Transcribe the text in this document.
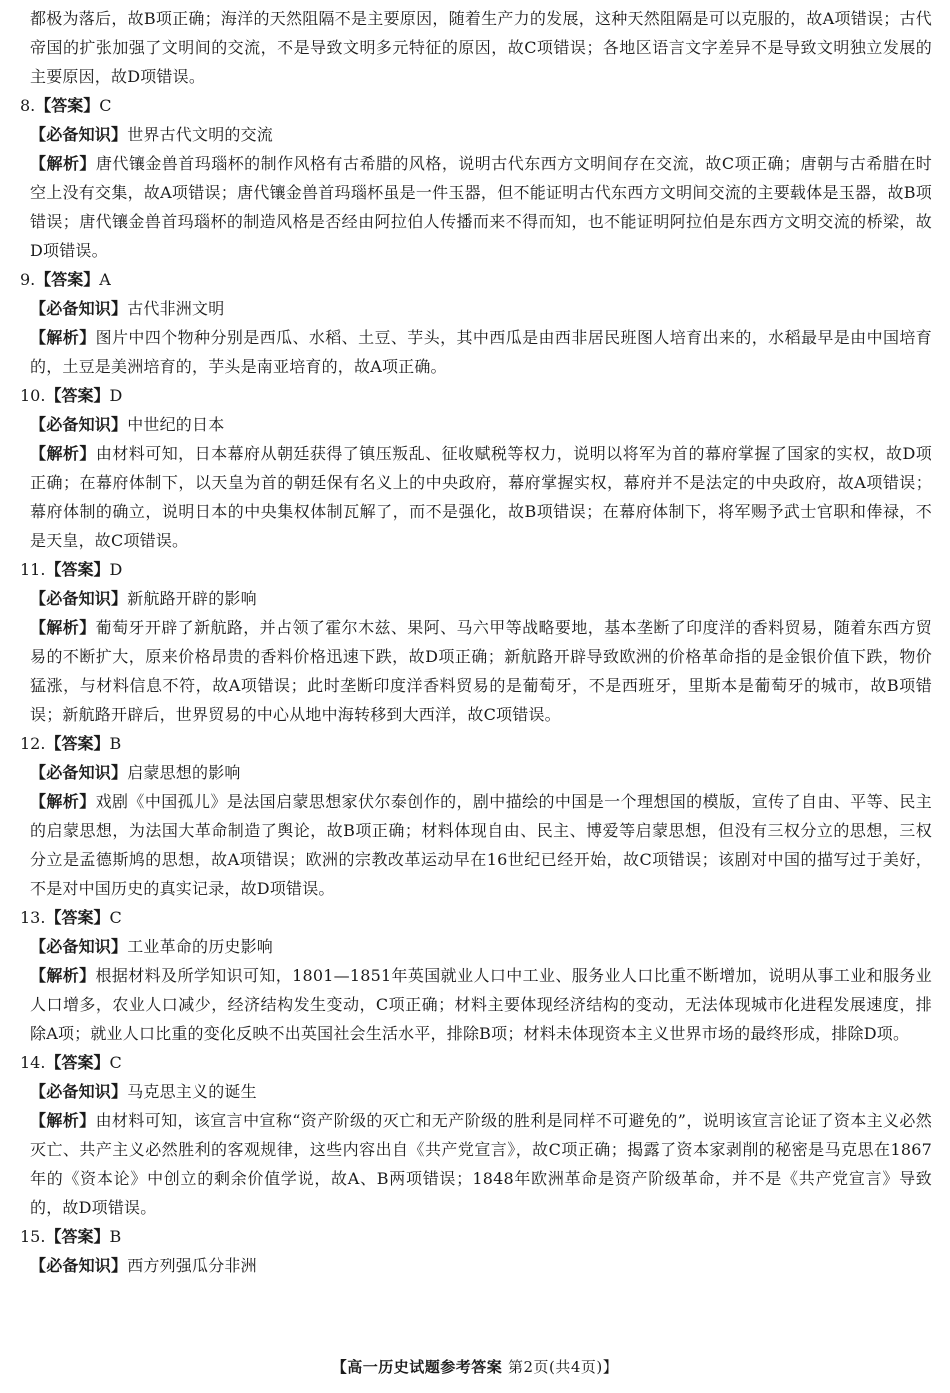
都极为落后，故B项正确；海洋的天然阻隔不是主要原因，随着生产力的发展，这种天然阻隔是可以克服的，故A项错误；古代帝国的扩张加强了文明间的交流，不是导致文明多元特征的原因，故C项错误；各地区语言文字差异不是导致文明独立发展的主要原因，故D项错误。

8.【答案】C

【必备知识】世界古代文明的交流

【解析】唐代镶金兽首玛瑙杯的制作风格有古希腊的风格，说明古代东西方文明间存在交流，故C项正确；唐朝与古希腊在时空上没有交集，故A项错误；唐代镶金兽首玛瑙杯虽是一件玉器，但不能证明古代东西方文明间交流的主要载体是玉器，故B项错误；唐代镶金兽首玛瑙杯的制造风格是否经由阿拉伯人传播而来不得而知，也不能证明阿拉伯是东西方文明交流的桥梁，故D项错误。

9.【答案】A

【必备知识】古代非洲文明

【解析】图片中四个物种分别是西瓜、水稻、土豆、芋头，其中西瓜是由西非居民班图人培育出来的，水稻最早是由中国培育的，土豆是美洲培育的，芋头是南亚培育的，故A项正确。

10.【答案】D

【必备知识】中世纪的日本

【解析】由材料可知，日本幕府从朝廷获得了镇压叛乱、征收赋税等权力，说明以将军为首的幕府掌握了国家的实权，故D项正确；在幕府体制下，以天皇为首的朝廷保有名义上的中央政府，幕府掌握实权，幕府并不是法定的中央政府，故A项错误；幕府体制的确立，说明日本的中央集权体制瓦解了，而不是强化，故B项错误；在幕府体制下，将军赐予武士官职和俸禄，不是天皇，故C项错误。

11.【答案】D

【必备知识】新航路开辟的影响

【解析】葡萄牙开辟了新航路，并占领了霍尔木兹、果阿、马六甲等战略要地，基本垄断了印度洋的香料贸易，随着东西方贸易的不断扩大，原来价格昂贵的香料价格迅速下跌，故D项正确；新航路开辟导致欧洲的价格革命指的是金银价值下跌，物价猛涨，与材料信息不符，故A项错误；此时垄断印度洋香料贸易的是葡萄牙，不是西班牙，里斯本是葡萄牙的城市，故B项错误；新航路开辟后，世界贸易的中心从地中海转移到大西洋，故C项错误。

12.【答案】B

【必备知识】启蒙思想的影响

【解析】戏剧《中国孤儿》是法国启蒙思想家伏尔泰创作的，剧中描绘的中国是一个理想国的模版，宣传了自由、平等、民主的启蒙思想，为法国大革命制造了舆论，故B项正确；材料体现自由、民主、博爱等启蒙思想，但没有三权分立的思想，三权分立是孟德斯鸠的思想，故A项错误；欧洲的宗教改革运动早在16世纪已经开始，故C项错误；该剧对中国的描写过于美好，不是对中国历史的真实记录，故D项错误。

13.【答案】C

【必备知识】工业革命的历史影响

【解析】根据材料及所学知识可知，1801—1851年英国就业人口中工业、服务业人口比重不断增加，说明从事工业和服务业人口增多，农业人口减少，经济结构发生变动，C项正确；材料主要体现经济结构的变动，无法体现城市化进程发展速度，排除A项；就业人口比重的变化反映不出英国社会生活水平，排除B项；材料未体现资本主义世界市场的最终形成，排除D项。

14.【答案】C

【必备知识】马克思主义的诞生

【解析】由材料可知，该宣言中宣称“资产阶级的灭亡和无产阶级的胜利是同样不可避免的”，说明该宣言论证了资本主义必然灭亡、共产主义必然胜利的客观规律，这些内容出自《共产党宣言》，故C项正确；揭露了资本家剥削的秘密是马克思在1867年的《资本论》中创立的剩余价值学说，故A、B两项错误；1848年欧洲革命是资产阶级革命，并不是《共产党宣言》导致的，故D项错误。

15.【答案】B

【必备知识】西方列强瓜分非洲

【高一历史试题参考答案 第2页(共4页)】
